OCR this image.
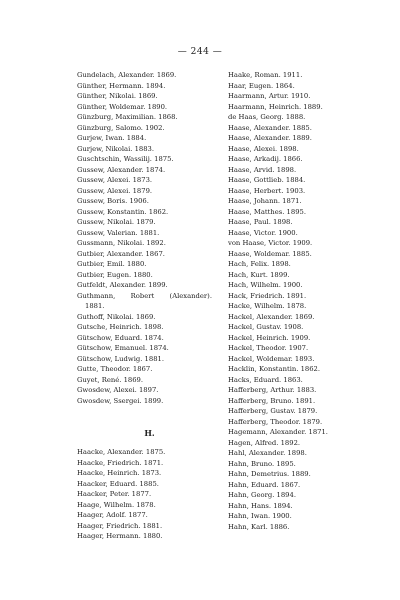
— 244 —
Gundelach, Alexander. 1869.
Günther, Hermann. 1894.
Günther, Nikolai. 1869.
Günther, Woldemar. 1890.
Günzburg, Maximilian. 1868.
Günzburg, Salomo. 1902.
Gurjew, Iwan. 1884.
Gurjew, Nikolai. 1883.
Guschtschin, Wassilij. 1875.
Gussew, Alexander. 1874.
Gussew, Alexei. 1873.
Gussew, Alexei. 1879.
Gussew, Boris. 1906.
Gussew, Konstantin. 1862.
Gussew, Nikolai. 1879.
Gussew, Valerian. 1881.
Gussmann, Nikolai. 1892.
Gutbier, Alexander. 1867.
Gutbier, Emil. 1880.
Gutbier, Eugen. 1880.
Gutfeldt, Alexander. 1899.
Guthmann, Robert (Alexander).
1881.
Guthoff, Nikolai. 1869.
Gutsche, Heinrich. 1898.
Gütschow, Eduard. 1874.
Gütschow, Emanuel. 1874.
Gütschow, Ludwig. 1881.
Gutte, Theodor. 1867.
Guyet, René. 1869.
Gwosdew, Alexei. 1897.
Gwosdew, Ssergei. 1899.
H.
Haacke, Alexander. 1875.
Haacke, Friedrich. 1871.
Haacke, Heinrich. 1873.
Haacker, Eduard. 1885.
Haacker, Peter. 1877.
Haage, Wilhelm. 1878.
Haager, Adolf. 1877.
Haager, Friedrich. 1881.
Haager, Hermann. 1880.
Haake, Roman. 1911.
Haar, Eugen. 1864.
Haarmann, Artur. 1910.
Haarmann, Heinrich. 1889.
de Haas, Georg. 1888.
Haase, Alexander. 1885.
Haase, Alexander. 1889.
Haase, Alexei. 1898.
Haase, Arkadij. 1866.
Haase, Arvid. 1898.
Haase, Gottlieb. 1884.
Haase, Herbert. 1903.
Haase, Johann. 1871.
Haase, Matthes. 1895.
Haase, Paul. 1898.
Haase, Victor. 1900.
von Haase, Victor. 1909.
Haase, Woldemar. 1885.
Hach, Felix. 1898.
Hach, Kurt. 1899.
Hach, Wilhelm. 1900.
Hack, Friedrich. 1891.
Hacke, Wilhelm. 1878.
Hackel, Alexander. 1869.
Hackel, Gustav. 1908.
Hackel, Heinrich. 1909.
Hackel, Theodor. 1907.
Hackel, Woldemar. 1893.
Hacklin, Konstantin. 1862.
Hacks, Eduard. 1863.
Hafferberg, Arthur. 1883.
Hafferberg, Bruno. 1891.
Hafferberg, Gustav. 1879.
Hafferberg, Theodor. 1879.
Hagemann, Alexander. 1871.
Hagen, Alfred. 1892.
Hahl, Alexander. 1898.
Hahn, Bruno. 1895.
Hahn, Demetrius. 1889.
Hahn, Eduard. 1867.
Hahn, Georg. 1894.
Hahn, Hans. 1894.
Hahn, Iwan. 1900.
Hahn, Karl. 1886.
